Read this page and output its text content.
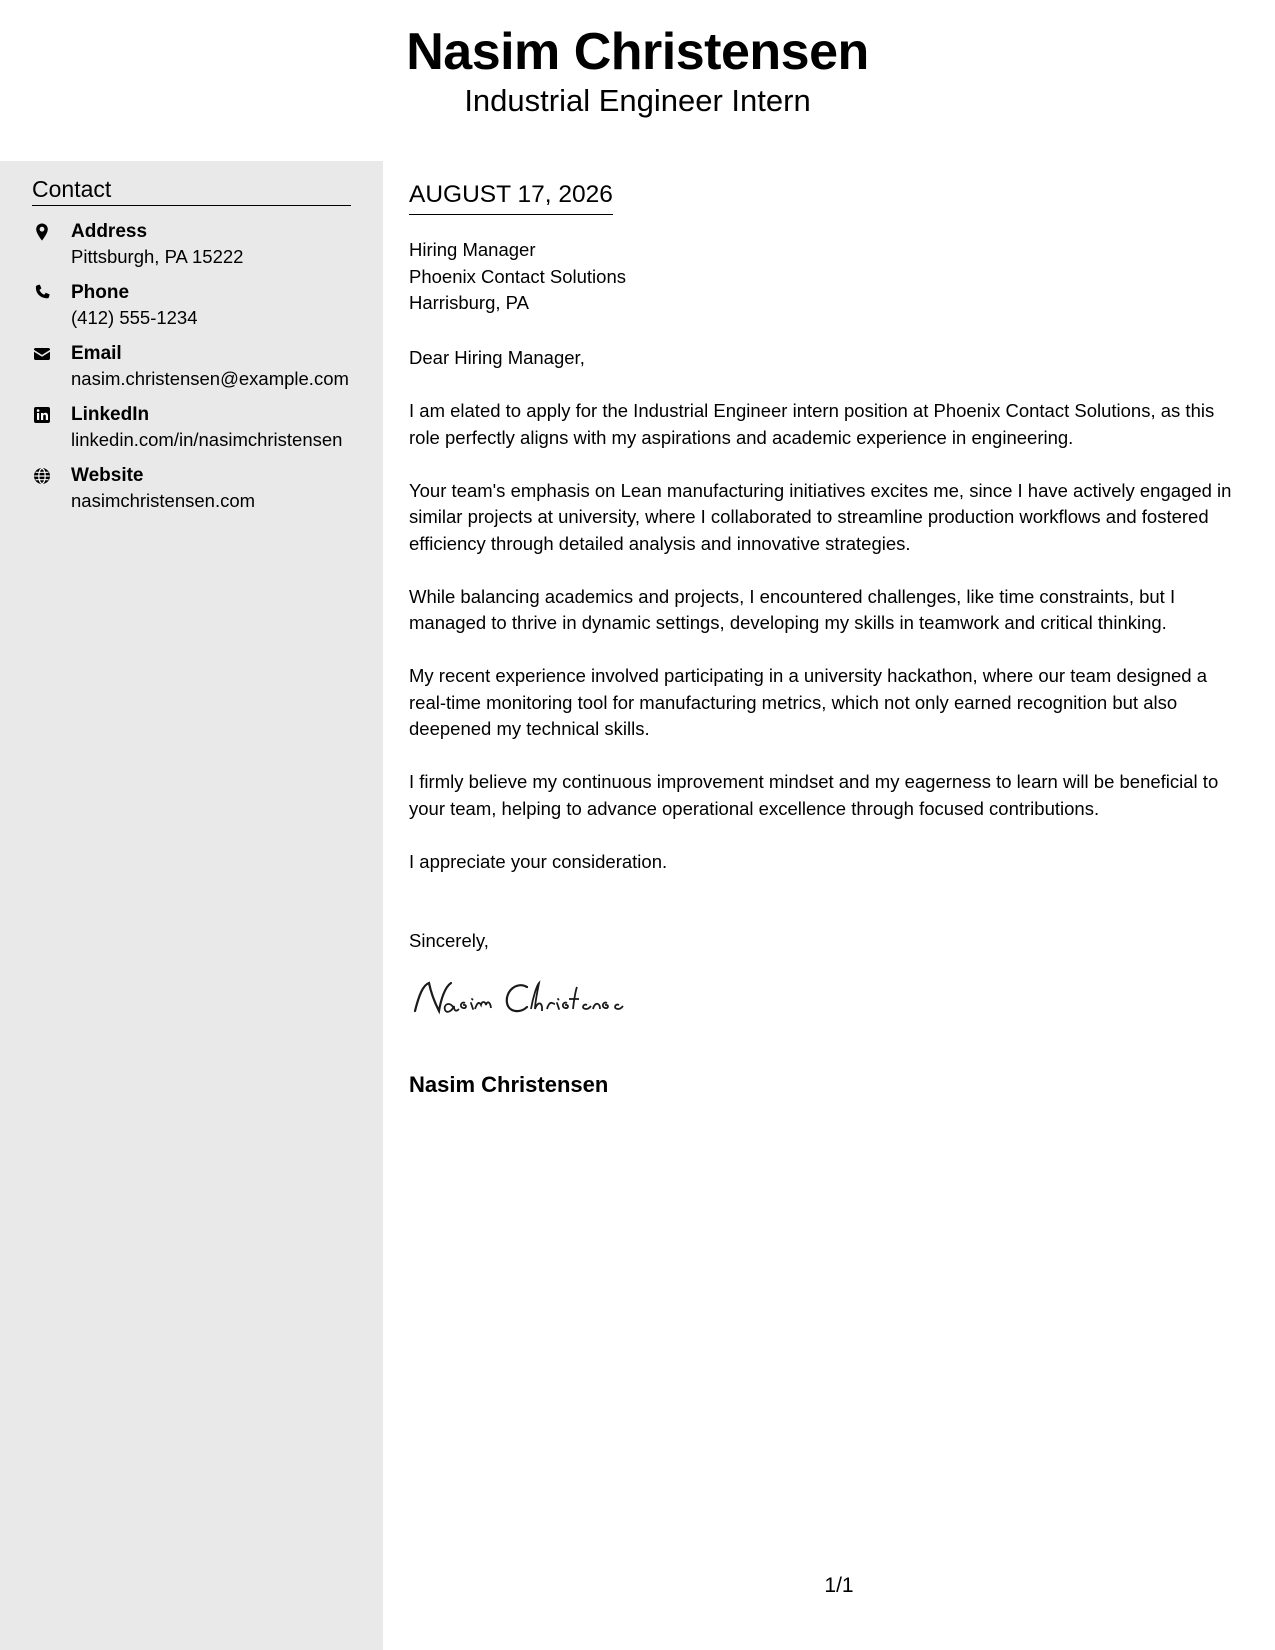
Nasim Christensen
Industrial Engineer Intern
Contact
Address
Pittsburgh, PA 15222
Phone
(412) 555-1234
Email
nasim.christensen@example.com
LinkedIn
linkedin.com/in/nasimchristensen
Website
nasimchristensen.com
AUGUST 17, 2026
Hiring Manager
Phoenix Contact Solutions
Harrisburg, PA

Dear Hiring Manager,

I am elated to apply for the Industrial Engineer intern position at Phoenix Contact Solutions, as this role perfectly aligns with my aspirations and academic experience in engineering.

Your team's emphasis on Lean manufacturing initiatives excites me, since I have actively engaged in similar projects at university, where I collaborated to streamline production workflows and fostered efficiency through detailed analysis and innovative strategies.

While balancing academics and projects, I encountered challenges, like time constraints, but I managed to thrive in dynamic settings, developing my skills in teamwork and critical thinking.

My recent experience involved participating in a university hackathon, where our team designed a real-time monitoring tool for manufacturing metrics, which not only earned recognition but also deepened my technical skills.

I firmly believe my continuous improvement mindset and my eagerness to learn will be beneficial to your team, helping to advance operational excellence through focused contributions.

I appreciate your consideration.

Sincerely,
Nasim Christensen
1/1
